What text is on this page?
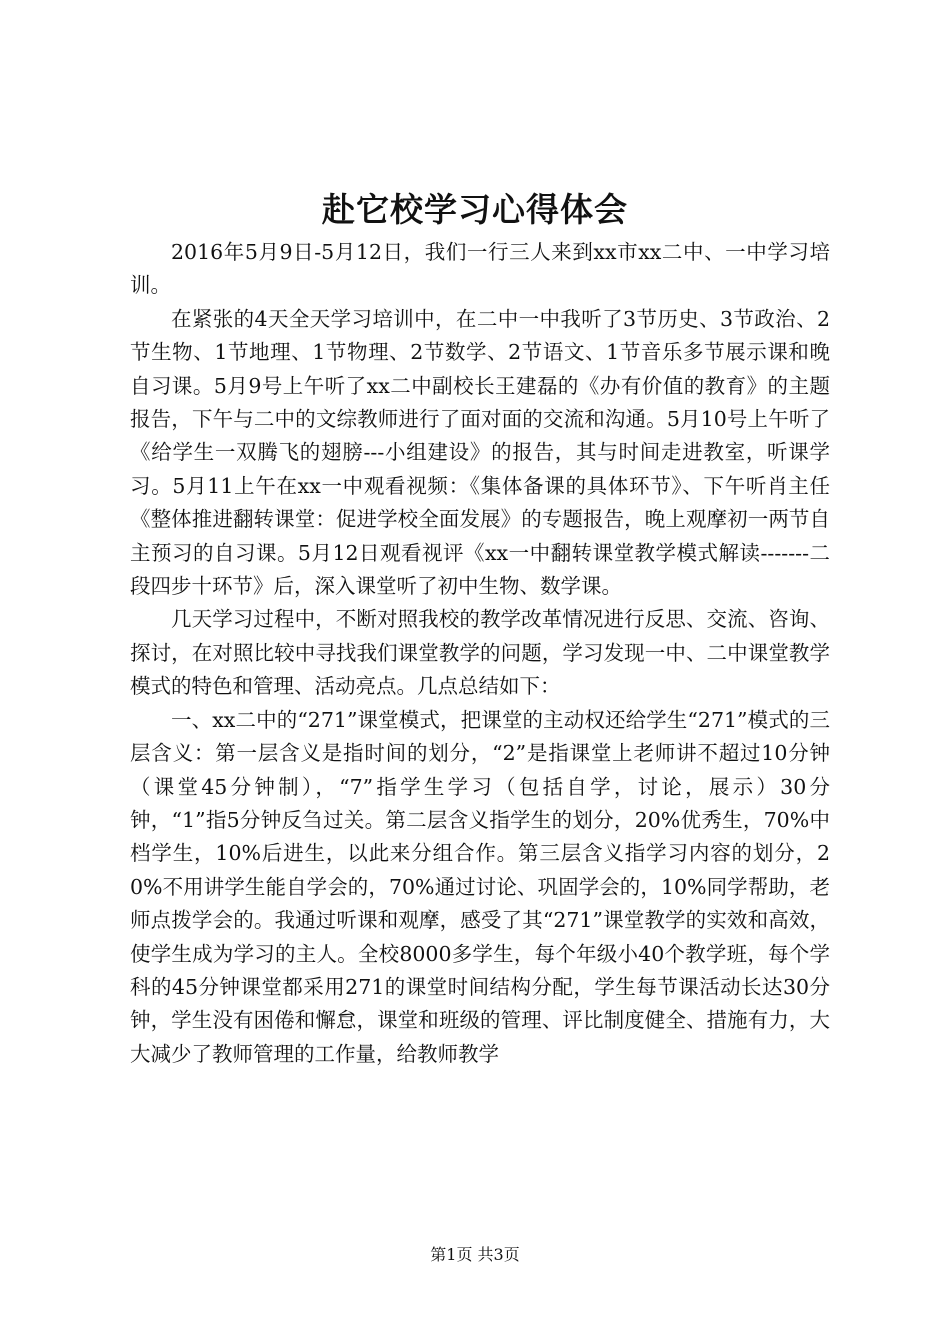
赴它校学习心得体会

2016年5月9日-5月12日，我们一行三人来到xx市xx二中、一中学习培训。

在紧张的4天全天学习培训中，在二中一中我听了3节历史、3节政治、2节生物、1节地理、1节物理、2节数学、2节语文、1节音乐多节展示课和晚自习课。5月9号上午听了xx二中副校长王建磊的《办有价值的教育》的主题报告，下午与二中的文综教师进行了面对面的交流和沟通。5月10号上午听了《给学生一双腾飞的翅膀---小组建设》的报告，其与时间走进教室，听课学习。5月11上午在xx一中观看视频：《集体备课的具体环节》、下午听肖主任《整体推进翻转课堂：促进学校全面发展》的专题报告，晚上观摩初一两节自主预习的自习课。5月12日观看视评《xx一中翻转课堂教学模式解读-------二段四步十环节》后，深入课堂听了初中生物、数学课。

几天学习过程中，不断对照我校的教学改革情况进行反思、交流、咨询、探讨，在对照比较中寻找我们课堂教学的问题，学习发现一中、二中课堂教学模式的特色和管理、活动亮点。几点总结如下：

一、xx二中的“271”课堂模式，把课堂的主动权还给学生“271”模式的三层含义：第一层含义是指时间的划分，“2”是指课堂上老师讲不超过10分钟（课堂45分钟制），“7”指学生学习（包括自学，讨论，展示）30分钟，“1”指5分钟反刍过关。第二层含义指学生的划分，20%优秀生，70%中档学生，10%后进生，以此来分组合作。第三层含义指学习内容的划分，20%不用讲学生能自学会的，70%通过讨论、巩固学会的，10%同学帮助，老师点拨学会的。我通过听课和观摩，感受了其“271”课堂教学的实效和高效，使学生成为学习的主人。全校8000多学生，每个年级小40个教学班，每个学科的45分钟课堂都采用271的课堂时间结构分配，学生每节课活动长达30分钟，学生没有困倦和懈怠，课堂和班级的管理、评比制度健全、措施有力，大大减少了教师管理的工作量，给教师教学

第1页 共3页
